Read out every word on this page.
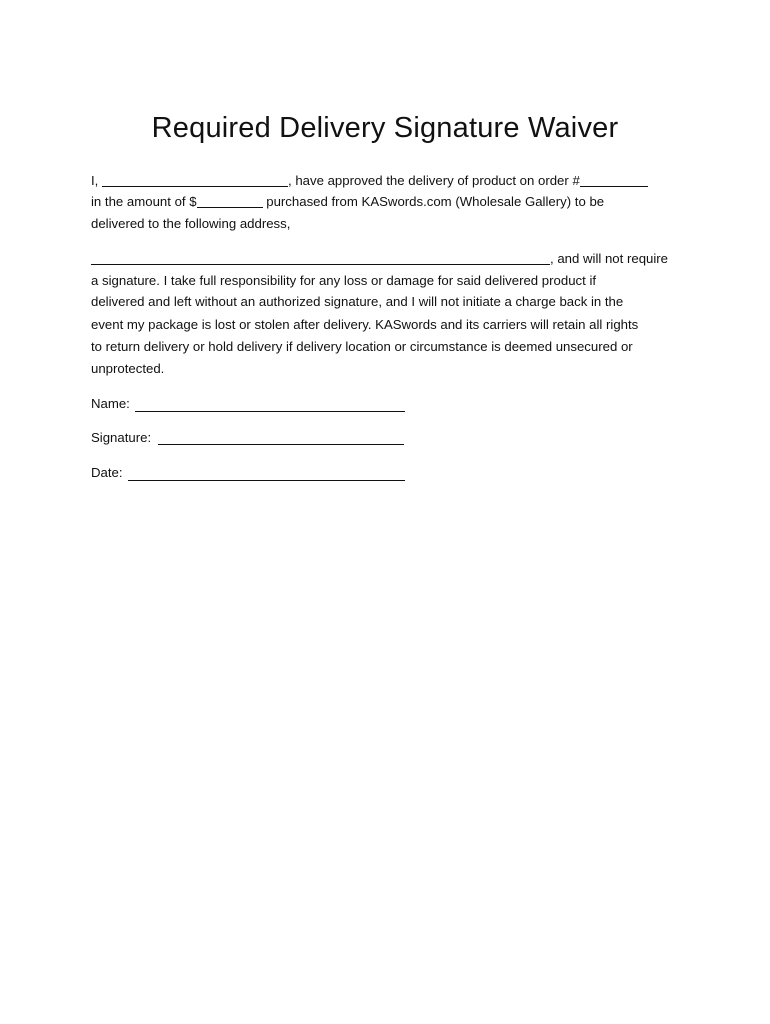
Required Delivery Signature Waiver
I,	, have approved the delivery of product on order #
in the amount of $	purchased from KASwords.com (Wholesale Gallery) to be
delivered to the following address,
, and will not require
a signature. I take full responsibility for any loss or damage for said delivered product if
delivered and left without an authorized signature, and I will not initiate a charge back in the
event my package is lost or stolen after delivery. KASwords and its carriers will retain all rights
to return delivery or hold delivery if delivery location or circumstance is deemed unsecured or
unprotected.
Name:
Signature:
Date:
